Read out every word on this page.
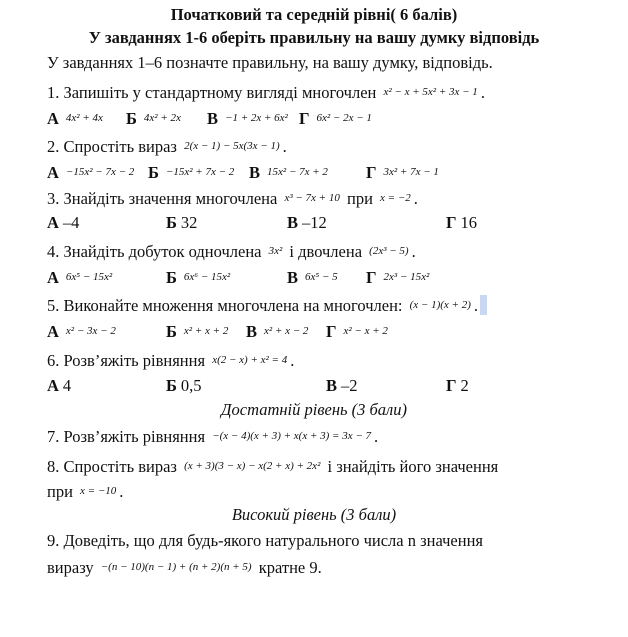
Початковий та середній рівні( 6 балів)
У завданнях 1-6 оберіть правильну на вашу думку відповідь
У завданнях 1–6 позначте правильну, на вашу думку, відповідь.
1. Запишіть у стандартному вигляді многочлен x² − x + 5x² + 3x − 1 .
А 4x² + 4x Б 4x² + 2x В −1 + 2x + 6x² Г 6x² − 2x − 1
2. Спростіть вираз 2(x − 1) − 5x(3x − 1) .
А −15x² − 7x − 2 Б −15x² + 7x − 2 В 15x² − 7x + 2 Г 3x² + 7x − 1
3. Знайдіть значення многочлена x³ − 7x + 10 при x = −2 .
А –4	Б 32	В –12	Г 16
4. Знайдіть добуток одночлена 3x² і двочлена (2x³ − 5) .
А 6x⁵ − 15x²	Б 6x⁶ − 15x²	В 6x⁵ − 5 Г 2x³ − 15x²
5. Виконайте множення многочлена на многочлен: (x − 1)(x + 2) .
Аx² − 3x − 2	Бx² + x + 2 Вx² + x − 2 Гx² − x + 2
6. Розв’яжіть рівняння x(2 − x) + x² = 4 .
А 4	Б 0,5	В –2	Г 2
Достатній рівень (3 бали)
7. Розв’яжіть рівняння −(x − 4)(x + 3) + x(x + 3) = 3x − 7 .
8. Спростіть вираз (x + 3)(3 − x) − x(2 + x) + 2x² і знайдіть його значення
при x = −10 .
Високий рівень (3 бали)
9. Доведіть, що для будь-якого натурального числа n значення
виразу −(n − 10)(n − 1) + (n + 2)(n + 5) кратне 9.
